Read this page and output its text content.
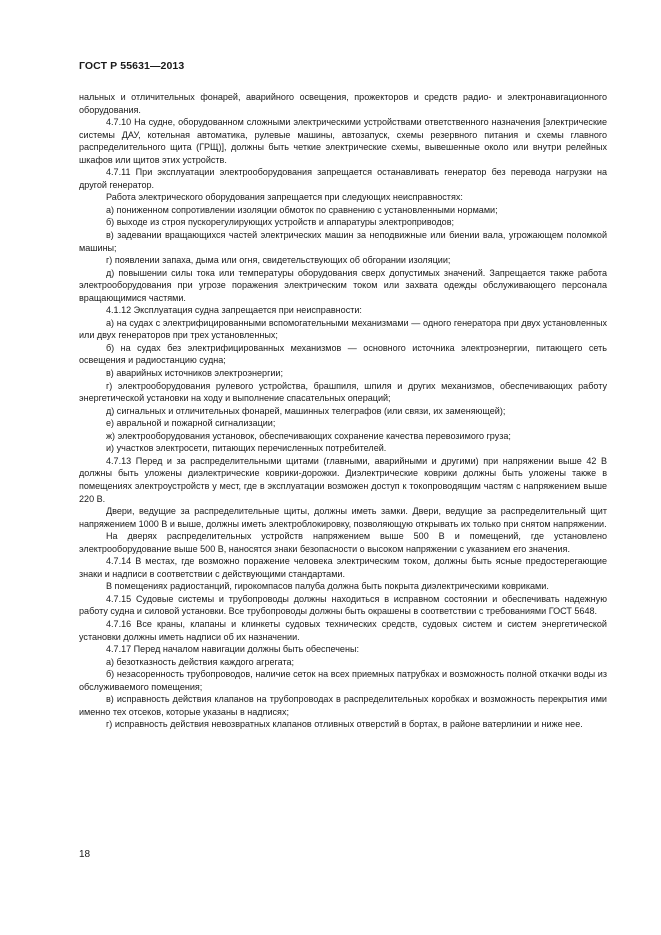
ГОСТ Р 55631—2013

нальных и отличительных фонарей, аварийного освещения, прожекторов и средств радио- и электронавигационного оборудования.

4.7.10 На судне, оборудованном сложными электрическими устройствами ответственного назначения [электрические системы ДАУ, котельная автоматика, рулевые машины, автозапуск, схемы резервного питания и схемы главного распределительного щита (ГРЩ)], должны быть четкие электрические схемы, вывешенные около или внутри релейных шкафов или щитов этих устройств.

4.7.11 При эксплуатации электрооборудования запрещается останавливать генератор без перевода нагрузки на другой генератор.

Работа электрического оборудования запрещается при следующих неисправностях:

а) пониженном сопротивлении изоляции обмоток по сравнению с установленными нормами;

б) выходе из строя пускорегулирующих устройств и аппаратуры электроприводов;

в) задевании вращающихся частей электрических машин за неподвижные или биении вала, угрожающем поломкой машины;

г) появлении запаха, дыма или огня, свидетельствующих об обгорании изоляции;

д) повышении силы тока или температуры оборудования сверх допустимых значений. Запрещается также работа электрооборудования при угрозе поражения электрическим током или захвата одежды обслуживающего персонала вращающимися частями.

4.1.12 Эксплуатация судна запрещается при неисправности:

а) на судах с электрифицированными вспомогательными механизмами — одного генератора при двух установленных или двух генераторов при трех установленных;

б) на судах без электрифицированных механизмов — основного источника электроэнергии, питающего сеть освещения и радиостанцию судна;

в) аварийных источников электроэнергии;

г) электрооборудования рулевого устройства, брашпиля, шпиля и других механизмов, обеспечивающих работу энергетической установки на ходу и выполнение спасательных операций;

д) сигнальных и отличительных фонарей, машинных телеграфов (или связи, их заменяющей);

е) авральной и пожарной сигнализации;

ж) электрооборудования установок, обеспечивающих сохранение качества перевозимого груза;

и) участков электросети, питающих перечисленных потребителей.

4.7.13 Перед и за распределительными щитами (главными, аварийными и другими) при напряжении выше 42 В должны быть уложены диэлектрические коврики-дорожки. Диэлектрические коврики должны быть уложены также в помещениях электроустройств у мест, где в эксплуатации возможен доступ к токопроводящим частям с напряжением выше 220 В.

Двери, ведущие за распределительные щиты, должны иметь замки. Двери, ведущие за распределительный щит напряжением 1000 В и выше, должны иметь электроблокировку, позволяющую открывать их только при снятом напряжении.

На дверях распределительных устройств напряжением выше 500 В и помещений, где установлено электрооборудование выше 500 В, наносятся знаки безопасности о высоком напряжении с указанием его значения.

4.7.14 В местах, где возможно поражение человека электрическим током, должны быть ясные предостерегающие знаки и надписи в соответствии с действующими стандартами.

В помещениях радиостанций, гирокомпасов палуба должна быть покрыта диэлектрическими ковриками.

4.7.15 Судовые системы и трубопроводы должны находиться в исправном состоянии и обеспечивать надежную работу судна и силовой установки. Все трубопроводы должны быть окрашены в соответствии с требованиями ГОСТ 5648.

4.7.16 Все краны, клапаны и клинкеты судовых технических средств, судовых систем и систем энергетической установки должны иметь надписи об их назначении.

4.7.17 Перед началом навигации должны быть обеспечены:

а) безотказность действия каждого агрегата;

б) незасоренность трубопроводов, наличие сеток на всех приемных патрубках и возможность полной откачки воды из обслуживаемого помещения;

в) исправность действия клапанов на трубопроводах в распределительных коробках и возможность перекрытия ими именно тех отсеков, которые указаны в надписях;

г) исправность действия невозвратных клапанов отливных отверстий в бортах, в районе ватерлинии и ниже нее.

18
